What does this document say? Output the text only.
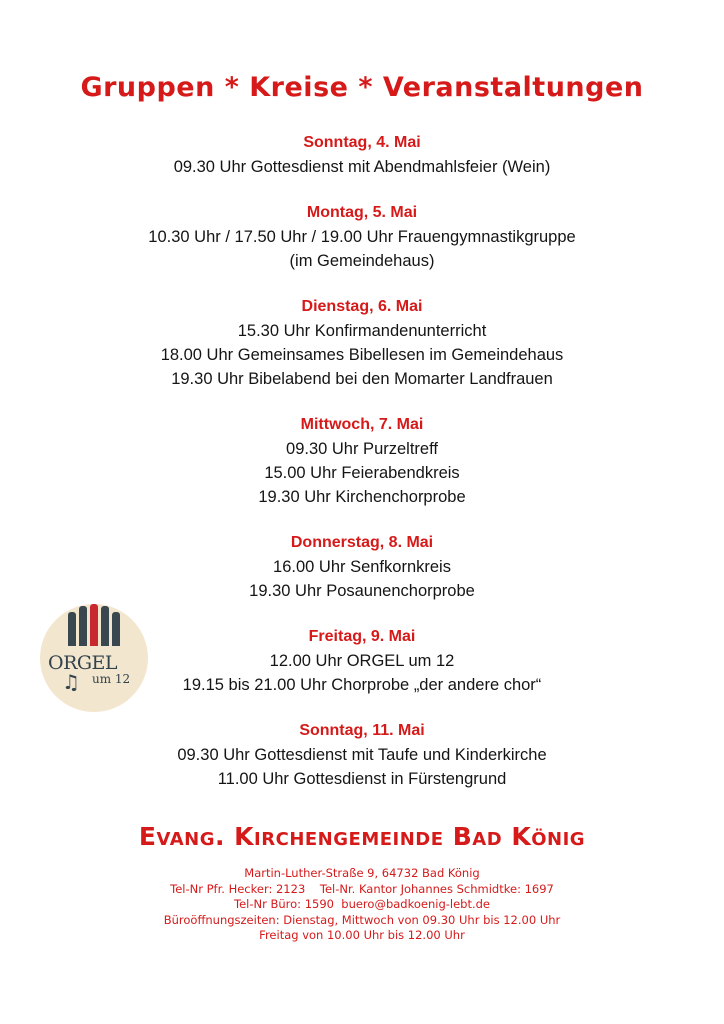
Gruppen * Kreise * Veranstaltungen
Sonntag, 4. Mai
09.30 Uhr Gottesdienst mit Abendmahlsfeier (Wein)
Montag, 5. Mai
10.30 Uhr / 17.50 Uhr / 19.00 Uhr Frauengymnastikgruppe
(im Gemeindehaus)
Dienstag, 6. Mai
15.30 Uhr Konfirmandenunterricht
18.00 Uhr Gemeinsames Bibellesen im Gemeindehaus
19.30 Uhr Bibelabend bei den Momarter Landfrauen
Mittwoch, 7. Mai
09.30 Uhr Purzeltreff
15.00 Uhr Feierabendkreis
19.30 Uhr Kirchenchorprobe
Donnerstag, 8. Mai
16.00 Uhr Senfkornkreis
19.30 Uhr Posaunenchorprobe
Freitag, 9. Mai
12.00 Uhr ORGEL um 12
19.15 bis 21.00 Uhr Chorprobe „der andere chor“
Sonntag, 11. Mai
09.30 Uhr Gottesdienst mit Taufe und Kinderkirche
11.00 Uhr Gottesdienst in Fürstengrund
ORGEL
♫ um 12
Evang. Kirchengemeinde Bad König
Martin-Luther-Straße 9, 64732 Bad König
Tel-Nr Pfr. Hecker: 2123    Tel-Nr. Kantor Johannes Schmidtke: 1697
Tel-Nr Büro: 1590  buero@badkoenig-lebt.de
Büroöffnungszeiten: Dienstag, Mittwoch von 09.30 Uhr bis 12.00 Uhr
Freitag von 10.00 Uhr bis 12.00 Uhr
